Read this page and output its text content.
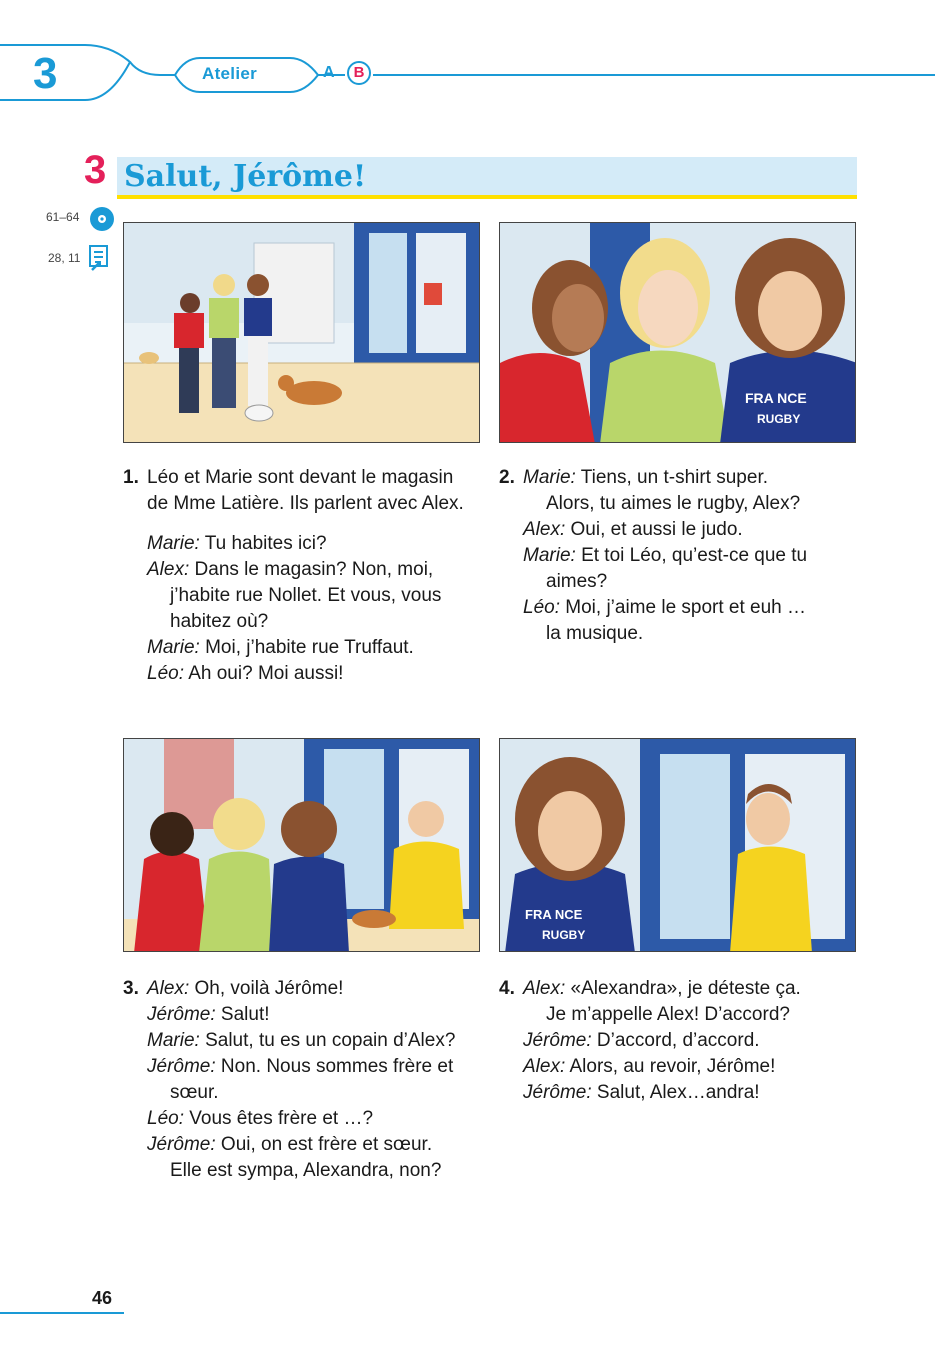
3	Atelier	A	B
3 Salut, Jérôme!
61–64
28, 11
FRA NCE
RUGBY
FRA NCE
RUGBY
1. Léo et Marie sont devant le magasin
de Mme Latière. Ils parlent avec Alex.
Marie: Tu habites ici?
Alex: Dans le magasin? Non, moi,
j’habite rue Nollet. Et vous, vous
habitez où?
Marie: Moi, j’habite rue Truffaut.
Léo: Ah oui? Moi aussi!
2. Marie: Tiens, un t-shirt super.
Alors, tu aimes le rugby, Alex?
Alex: Oui, et aussi le judo.
Marie: Et toi Léo, qu’est-ce que tu
aimes?
Léo: Moi, j’aime le sport et euh …
la musique.
3. Alex: Oh, voilà Jérôme!
Jérôme: Salut!
Marie: Salut, tu es un copain d’Alex?
Jérôme: Non. Nous sommes frère et
sœur.
Léo: Vous êtes frère et …?
Jérôme: Oui, on est frère et sœur.
Elle est sympa, Alexandra, non?
4. Alex: «Alexandra», je déteste ça.
Je m’appelle Alex! D’accord?
Jérôme: D’accord, d’accord.
Alex: Alors, au revoir, Jérôme!
Jérôme: Salut, Alex…andra!
46
